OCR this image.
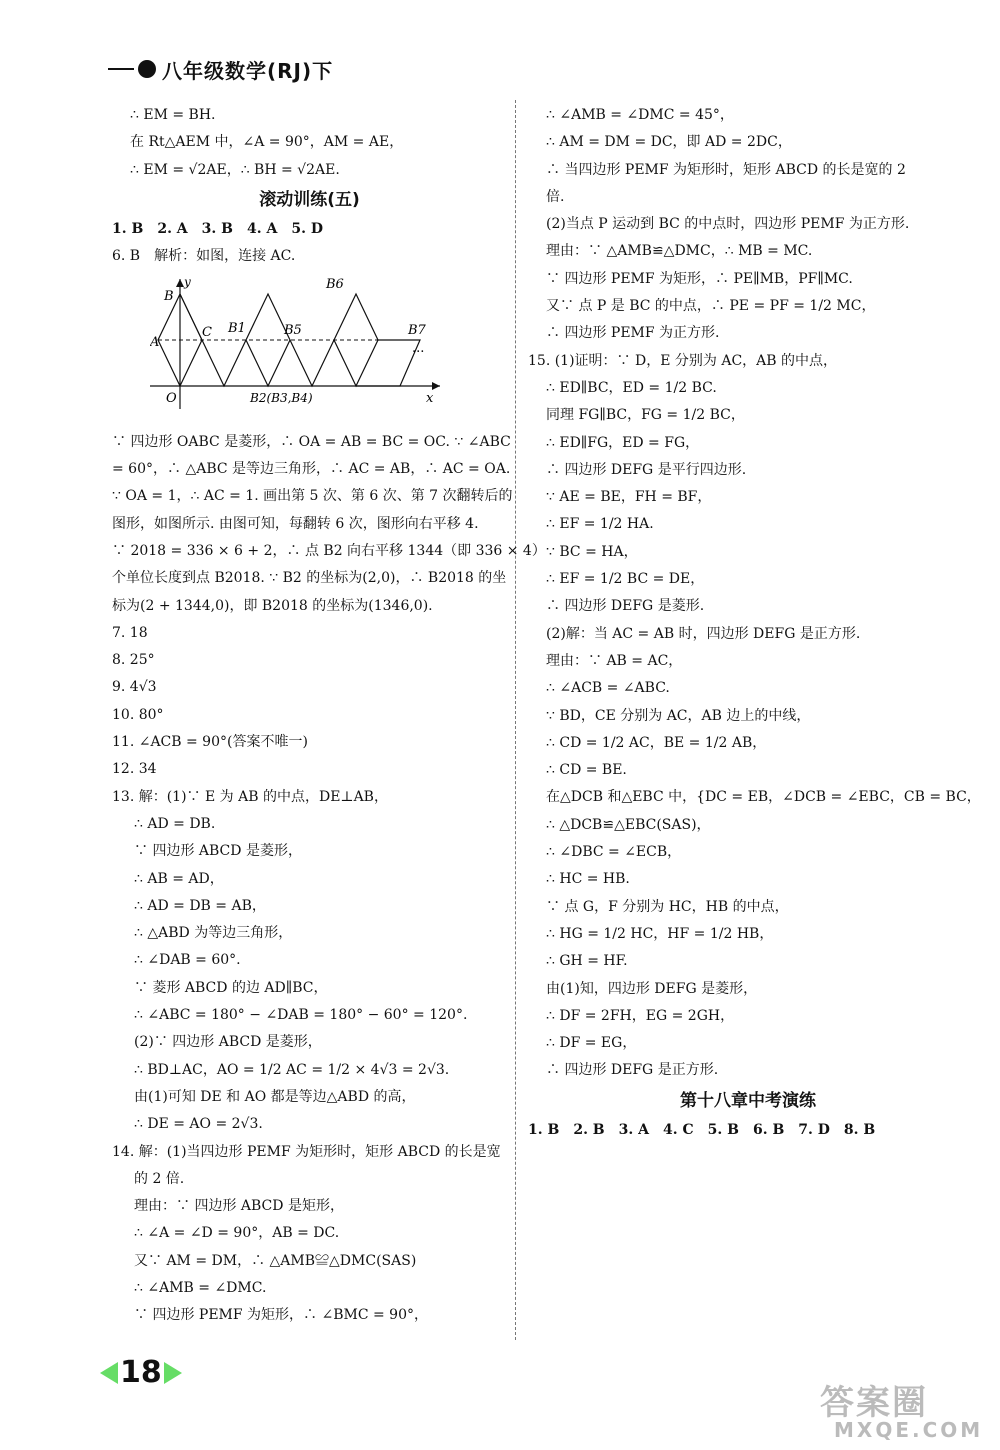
八年级数学(RJ)下
∴ EM = BH.
在 Rt△AEM 中，∠A = 90°，AM = AE，
∴ EM = √2AE，∴ BH = √2AE.
滚动训练(五)
1. B　2. A　3. B　4. A　5. D
6. B　解析：如图，连接 AC.
y
B
A
C B1	B5
B6
B7
O	B2(B3,B4)	x
...
∵ 四边形 OABC 是菱形，∴ OA = AB = BC = OC. ∵ ∠ABC
= 60°，∴ △ABC 是等边三角形，∴ AC = AB，∴ AC = OA.
∵ OA = 1，∴ AC = 1. 画出第 5 次、第 6 次、第 7 次翻转后的
图形，如图所示. 由图可知，每翻转 6 次，图形向右平移 4.
∵ 2018 = 336 × 6 + 2，∴ 点 B2 向右平移 1344（即 336 × 4）
个单位长度到点 B2018. ∵ B2 的坐标为(2,0)，∴ B2018 的坐
标为(2 + 1344,0)，即 B2018 的坐标为(1346,0).
7. 18
8. 25°
9. 4√3
10. 80°
11. ∠ACB = 90°(答案不唯一)
12. 34
13. 解：(1)∵ E 为 AB 的中点，DE⊥AB，
∴ AD = DB.
∵ 四边形 ABCD 是菱形，
∴ AB = AD，
∴ AD = DB = AB，
∴ △ABD 为等边三角形，
∴ ∠DAB = 60°.
∵ 菱形 ABCD 的边 AD∥BC，
∴ ∠ABC = 180° − ∠DAB = 180° − 60° = 120°.
(2)∵ 四边形 ABCD 是菱形，
∴ BD⊥AC，AO = 1/2 AC = 1/2 × 4√3 = 2√3.
由(1)可知 DE 和 AO 都是等边△ABD 的高，
∴ DE = AO = 2√3.
14. 解：(1)当四边形 PEMF 为矩形时，矩形 ABCD 的长是宽
的 2 倍.
理由：∵ 四边形 ABCD 是矩形，
∴ ∠A = ∠D = 90°，AB = DC.
又∵ AM = DM，∴ △AMB≌△DMC(SAS)
∴ ∠AMB = ∠DMC.
∵ 四边形 PEMF 为矩形，∴ ∠BMC = 90°，
∴ ∠AMB = ∠DMC = 45°，
∴ AM = DM = DC，即 AD = 2DC，
∴ 当四边形 PEMF 为矩形时，矩形 ABCD 的长是宽的 2
倍.
(2)当点 P 运动到 BC 的中点时，四边形 PEMF 为正方形.
理由：∵ △AMB≌△DMC，∴ MB = MC.
∵ 四边形 PEMF 为矩形，∴ PE∥MB，PF∥MC.
又∵ 点 P 是 BC 的中点，∴ PE = PF = 1/2 MC，
∴ 四边形 PEMF 为正方形.
15. (1)证明：∵ D，E 分别为 AC，AB 的中点，
∴ ED∥BC，ED = 1/2 BC.
同理 FG∥BC，FG = 1/2 BC，
∴ ED∥FG，ED = FG，
∴ 四边形 DEFG 是平行四边形.
∵ AE = BE，FH = BF，
∴ EF = 1/2 HA.
∵ BC = HA，
∴ EF = 1/2 BC = DE，
∴ 四边形 DEFG 是菱形.
(2)解：当 AC = AB 时，四边形 DEFG 是正方形.
理由：∵ AB = AC，
∴ ∠ACB = ∠ABC.
∵ BD，CE 分别为 AC，AB 边上的中线，
∴ CD = 1/2 AC，BE = 1/2 AB，
∴ CD = BE.
在△DCB 和△EBC 中，{DC = EB，∠DCB = ∠EBC，CB = BC，
∴ △DCB≌△EBC(SAS)，
∴ ∠DBC = ∠ECB，
∴ HC = HB.
∵ 点 G，F 分别为 HC，HB 的中点，
∴ HG = 1/2 HC，HF = 1/2 HB，
∴ GH = HF.
由(1)知，四边形 DEFG 是菱形，
∴ DF = 2FH，EG = 2GH，
∴ DF = EG，
∴ 四边形 DEFG 是正方形.
第十八章中考演练
1. B　2. B　3. A　4. C　5. B　6. B　7. D　8. B
18
答案圈
MXQE.COM
